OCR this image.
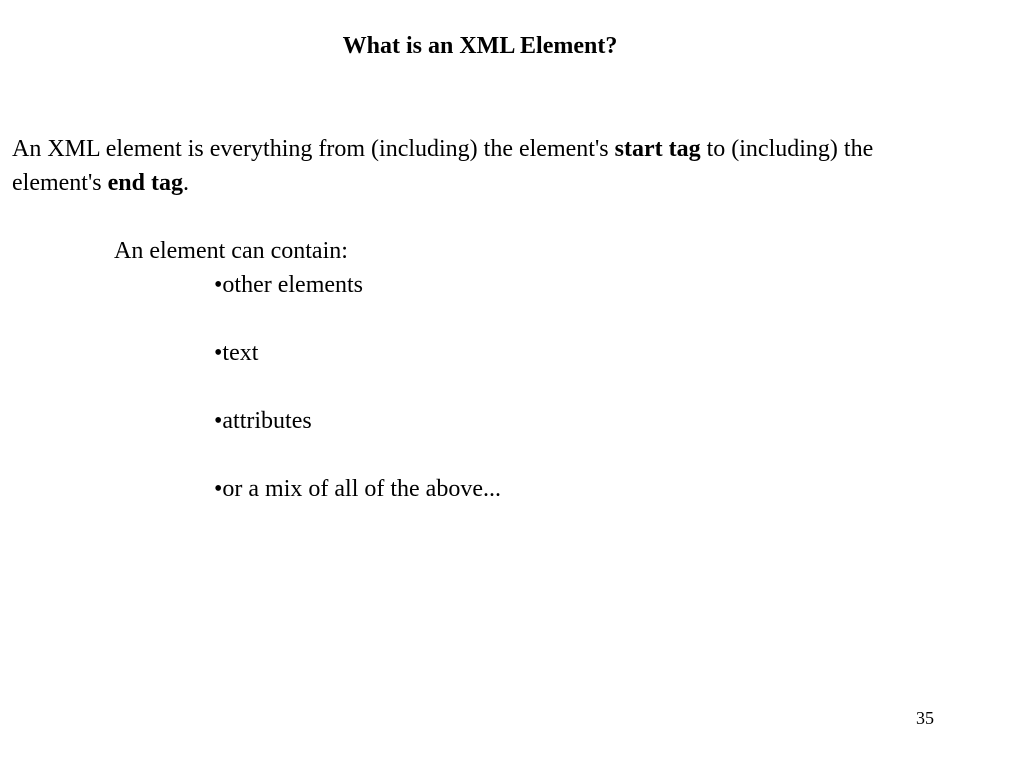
What is an XML Element?
An XML element is everything from (including) the element's start tag to (including) the element's end tag.
An element can contain:
•other elements
•text
•attributes
•or a mix of all of the above...
35
